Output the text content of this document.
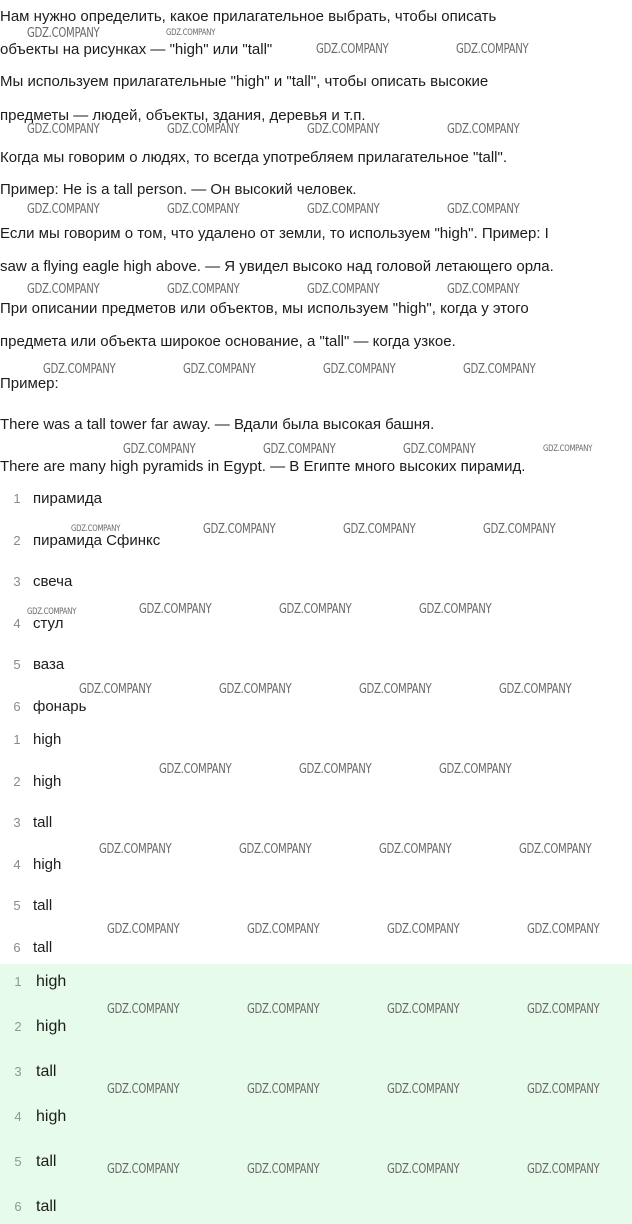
Нам нужно определить, какое прилагательное выбрать, чтобы описать
объекты на рисунках — "high" или "tall"
Мы используем прилагательные "high" и "tall", чтобы описать высокие
предметы — людей, объекты, здания, деревья и т.п.
Когда мы говорим о людях, то всегда употребляем прилагательное "tall".
Пример: He is a tall person. — Он высокий человек.
Если мы говорим о том, что удалено от земли, то используем "high". Пример: I
saw a flying eagle high above. — Я увидел высоко над головой летающего орла.
При описании предметов или объектов, мы используем "high", когда у этого
предмета или объекта широкое основание, а "tall" — когда узкое.
Пример:
There was a tall tower far away. — Вдали была высокая башня.
There are many high pyramids in Egypt. — В Египте много высоких пирамид.
1 пирамида
2 пирамида Сфинкс
3 свеча
4 стул
5 ваза
6 фонарь
1 high
2 high
3 tall
4 high
5 tall
6 tall
1 high
2 high
3 tall
4 high
5 tall
6 tall
GDZ.COMPANY	GDZ.COMPANY
GDZ.COMPANY	GDZ.COMPANY
GDZ.COMPANY	GDZ.COMPANY	GDZ.COMPANY	GDZ.COMPANY
GDZ.COMPANY	GDZ.COMPANY	GDZ.COMPANY	GDZ.COMPANY
GDZ.COMPANY	GDZ.COMPANY	GDZ.COMPANY	GDZ.COMPANY
GDZ.COMPANY	GDZ.COMPANY	GDZ.COMPANY	GDZ.COMPANY
GDZ.COMPANY	GDZ.COMPANY	GDZ.COMPANY	GDZ.COMPANY
GDZ.COMPANY	GDZ.COMPANY	GDZ.COMPANY	GDZ.COMPANY
GDZ.COMPANY	GDZ.COMPANY	GDZ.COMPANY	GDZ.COMPANY
GDZ.COMPANY	GDZ.COMPANY	GDZ.COMPANY	GDZ.COMPANY
GDZ.COMPANY	GDZ.COMPANY	GDZ.COMPANY
GDZ.COMPANY	GDZ.COMPANY	GDZ.COMPANY	GDZ.COMPANY
GDZ.COMPANY	GDZ.COMPANY	GDZ.COMPANY	GDZ.COMPANY
GDZ.COMPANY	GDZ.COMPANY	GDZ.COMPANY	GDZ.COMPANY
GDZ.COMPANY	GDZ.COMPANY	GDZ.COMPANY	GDZ.COMPANY
GDZ.COMPANY	GDZ.COMPANY	GDZ.COMPANY	GDZ.COMPANY
